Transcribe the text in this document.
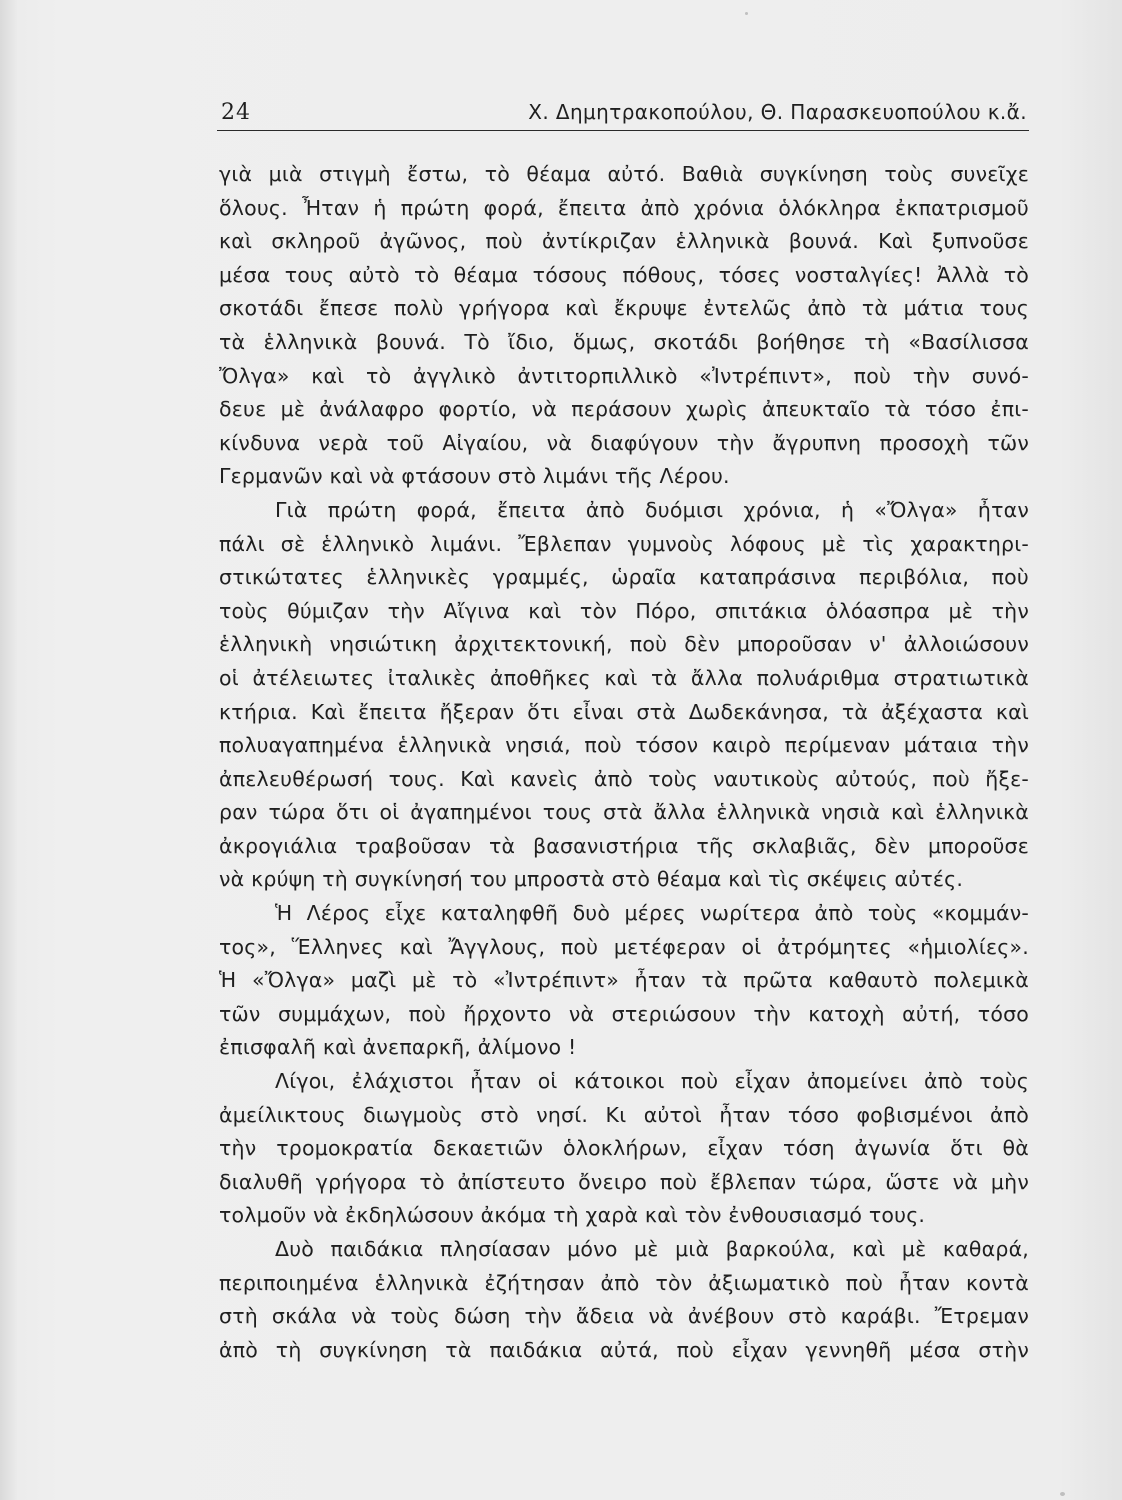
24	Χ. Δημητρακοπούλου, Θ. Παρασκευοπούλου κ.ἄ.

γιὰ μιὰ στιγμὴ ἔστω, τὸ θέαμα αὐτό. Βαθιὰ συγκίνηση τοὺς συνεῖχε
ὅλους. Ἦταν ἡ πρώτη φορά, ἔπειτα ἀπὸ χρόνια ὁλόκληρα ἐκπατρισμοῦ
καὶ σκληροῦ ἀγῶνος, ποὺ ἀντίκριζαν ἑλληνικὰ βουνά. Καὶ ξυπνοῦσε
μέσα τους αὐτὸ τὸ θέαμα τόσους πόθους, τόσες νοσταλγίες! Ἀλλὰ τὸ
σκοτάδι ἔπεσε πολὺ γρήγορα καὶ ἔκρυψε ἐντελῶς ἀπὸ τὰ μάτια τους
τὰ ἑλληνικὰ βουνά. Τὸ ἴδιο, ὅμως, σκοτάδι βοήθησε τὴ «Βασίλισσα
Ὄλγα» καὶ τὸ ἀγγλικὸ ἀντιτορπιλλικὸ «Ἰντρέπιντ», ποὺ τὴν συνό-
δευε μὲ ἀνάλαφρο φορτίο, νὰ περάσουν χωρὶς ἀπευκταῖο τὰ τόσο ἐπι-
κίνδυνα νερὰ τοῦ Αἰγαίου, νὰ διαφύγουν τὴν ἄγρυπνη προσοχὴ τῶν
Γερμανῶν καὶ νὰ φτάσουν στὸ λιμάνι τῆς Λέρου.

Γιὰ πρώτη φορά, ἔπειτα ἀπὸ δυόμισι χρόνια, ἡ «Ὄλγα» ἦταν
πάλι σὲ ἑλληνικὸ λιμάνι. Ἔβλεπαν γυμνοὺς λόφους μὲ τὶς χαρακτηρι-
στικώτατες ἑλληνικὲς γραμμές, ὡραῖα καταπράσινα περιβόλια, ποὺ
τοὺς θύμιζαν τὴν Αἴγινα καὶ τὸν Πόρο, σπιτάκια ὁλόασπρα μὲ τὴν
ἑλληνικὴ νησιώτικη ἀρχιτεκτονική, ποὺ δὲν μποροῦσαν ν' ἀλλοιώσουν
οἱ ἀτέλειωτες ἰταλικὲς ἀποθῆκες καὶ τὰ ἄλλα πολυάριθμα στρατιωτικὰ
κτήρια. Καὶ ἔπειτα ἤξεραν ὅτι εἶναι στὰ Δωδεκάνησα, τὰ ἀξέχαστα καὶ
πολυαγαπημένα ἑλληνικὰ νησιά, ποὺ τόσον καιρὸ περίμεναν μάταια τὴν
ἀπελευθέρωσή τους. Καὶ κανεὶς ἀπὸ τοὺς ναυτικοὺς αὐτούς, ποὺ ἤξε-
ραν τώρα ὅτι οἱ ἀγαπημένοι τους στὰ ἄλλα ἑλληνικὰ νησιὰ καὶ ἑλληνικὰ
ἀκρογιάλια τραβοῦσαν τὰ βασανιστήρια τῆς σκλαβιᾶς, δὲν μποροῦσε
νὰ κρύψη τὴ συγκίνησή του μπροστὰ στὸ θέαμα καὶ τὶς σκέψεις αὐτές.

Ἡ Λέρος εἶχε καταληφθῆ δυὸ μέρες νωρίτερα ἀπὸ τοὺς «κομμάν-
τος», Ἕλληνες καὶ Ἄγγλους, ποὺ μετέφεραν οἱ ἀτρόμητες «ἡμιολίες».
Ἡ «Ὄλγα» μαζὶ μὲ τὸ «Ἰντρέπιντ» ἦταν τὰ πρῶτα καθαυτὸ πολεμικὰ
τῶν συμμάχων, ποὺ ἤρχοντο νὰ στεριώσουν τὴν κατοχὴ αὐτή, τόσο
ἐπισφαλῆ καὶ ἀνεπαρκῆ, ἀλίμονο !

Λίγοι, ἐλάχιστοι ἦταν οἱ κάτοικοι ποὺ εἶχαν ἀπομείνει ἀπὸ τοὺς
ἀμείλικτους διωγμοὺς στὸ νησί. Κι αὐτοὶ ἦταν τόσο φοβισμένοι ἀπὸ
τὴν τρομοκρατία δεκαετιῶν ὁλοκλήρων, εἶχαν τόση ἀγωνία ὅτι θὰ
διαλυθῆ γρήγορα τὸ ἀπίστευτο ὄνειρο ποὺ ἔβλεπαν τώρα, ὥστε νὰ μὴν
τολμοῦν νὰ ἐκδηλώσουν ἀκόμα τὴ χαρὰ καὶ τὸν ἐνθουσιασμό τους.

Δυὸ παιδάκια πλησίασαν μόνο μὲ μιὰ βαρκούλα, καὶ μὲ καθαρά,
περιποιημένα ἑλληνικὰ ἐζήτησαν ἀπὸ τὸν ἀξιωματικὸ ποὺ ἦταν κοντὰ
στὴ σκάλα νὰ τοὺς δώση τὴν ἄδεια νὰ ἀνέβουν στὸ καράβι. Ἔτρεμαν
ἀπὸ τὴ συγκίνηση τὰ παιδάκια αὐτά, ποὺ εἶχαν γεννηθῆ μέσα στὴν
